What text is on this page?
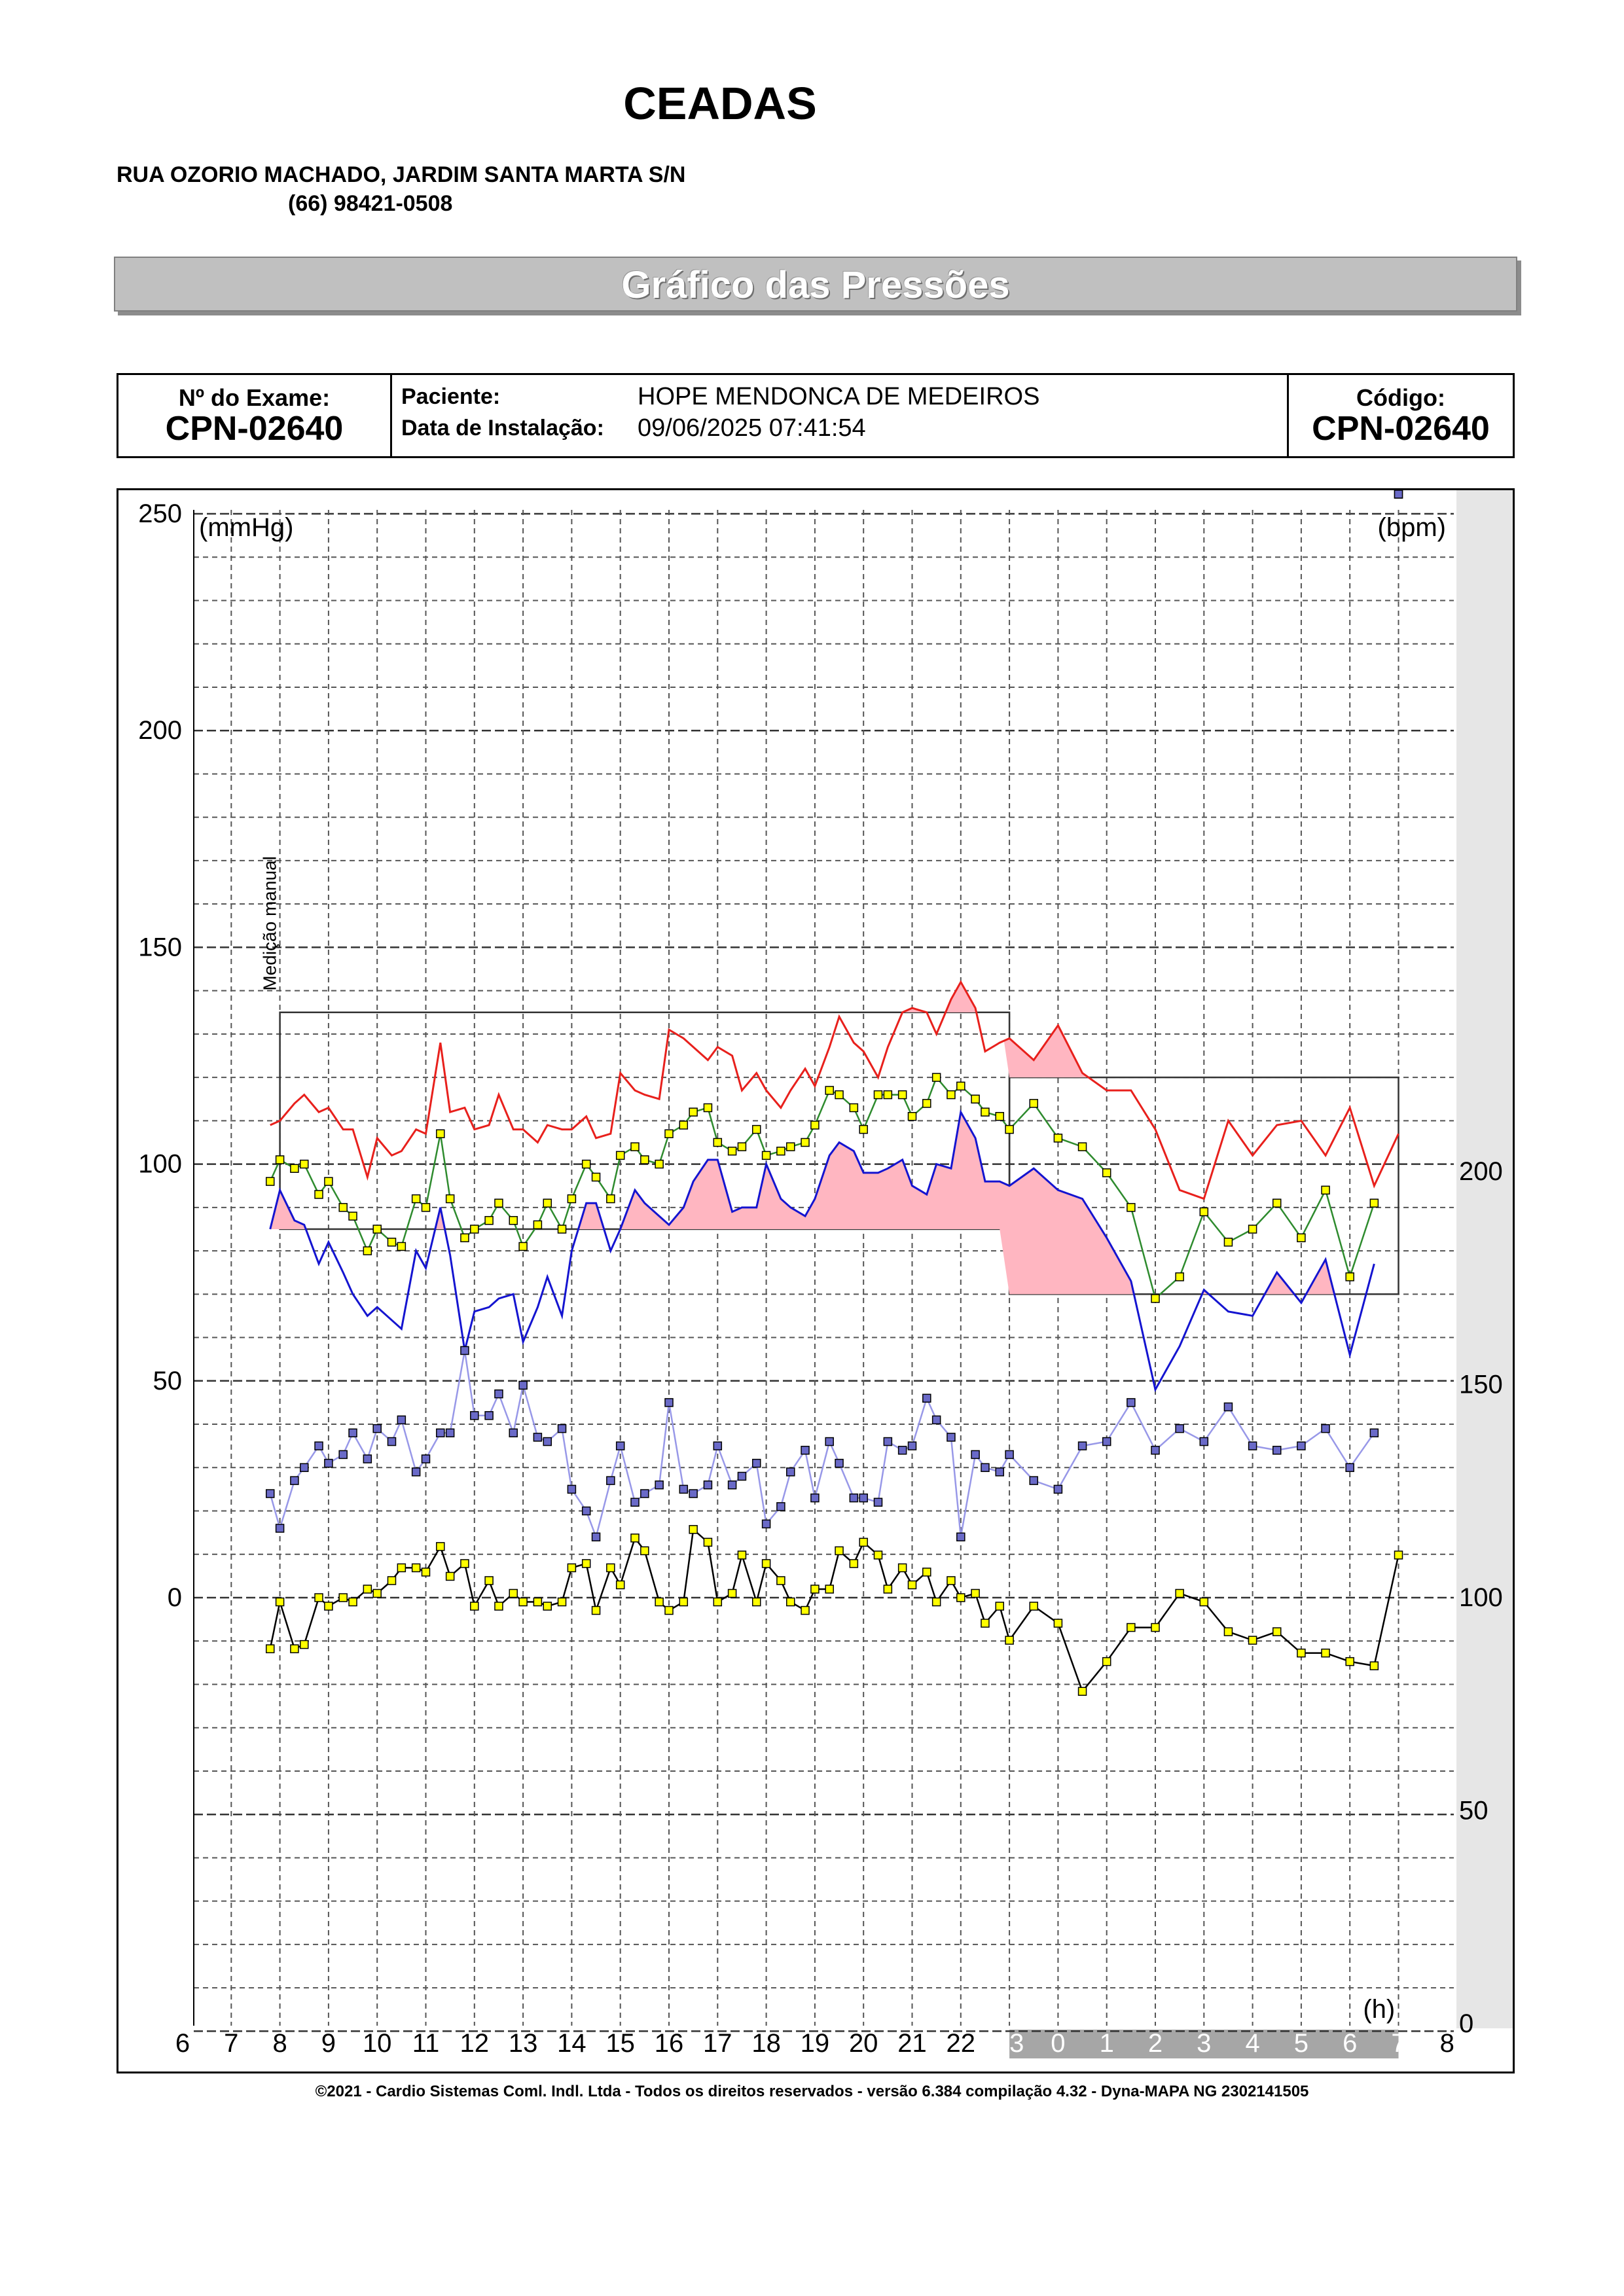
CEADAS
RUA OZORIO MACHADO, JARDIM SANTA MARTA S/N
(66) 98421-0508
Gráfico das Pressões
Nº do Exame:
CPN-02640
Paciente:	HOPE MENDONCA DE MEDEIROS
Data de Instalação: 09/06/2025 07:41:54
Código:
CPN-02640
Medição manual
0
50
100
150
200
250
0
50
100
150
200
(mmHg)	(bpm)
(h)
6 7 8 9 10 11 12 13 14 15 16 17 18 19 20 21 22 23 0 1 2 3 4 5 6 7 8
©2021 - Cardio Sistemas Coml. Indl. Ltda - Todos os direitos reservados - versão 6.384 compilação 4.32 - Dyna-MAPA NG 2302141505
